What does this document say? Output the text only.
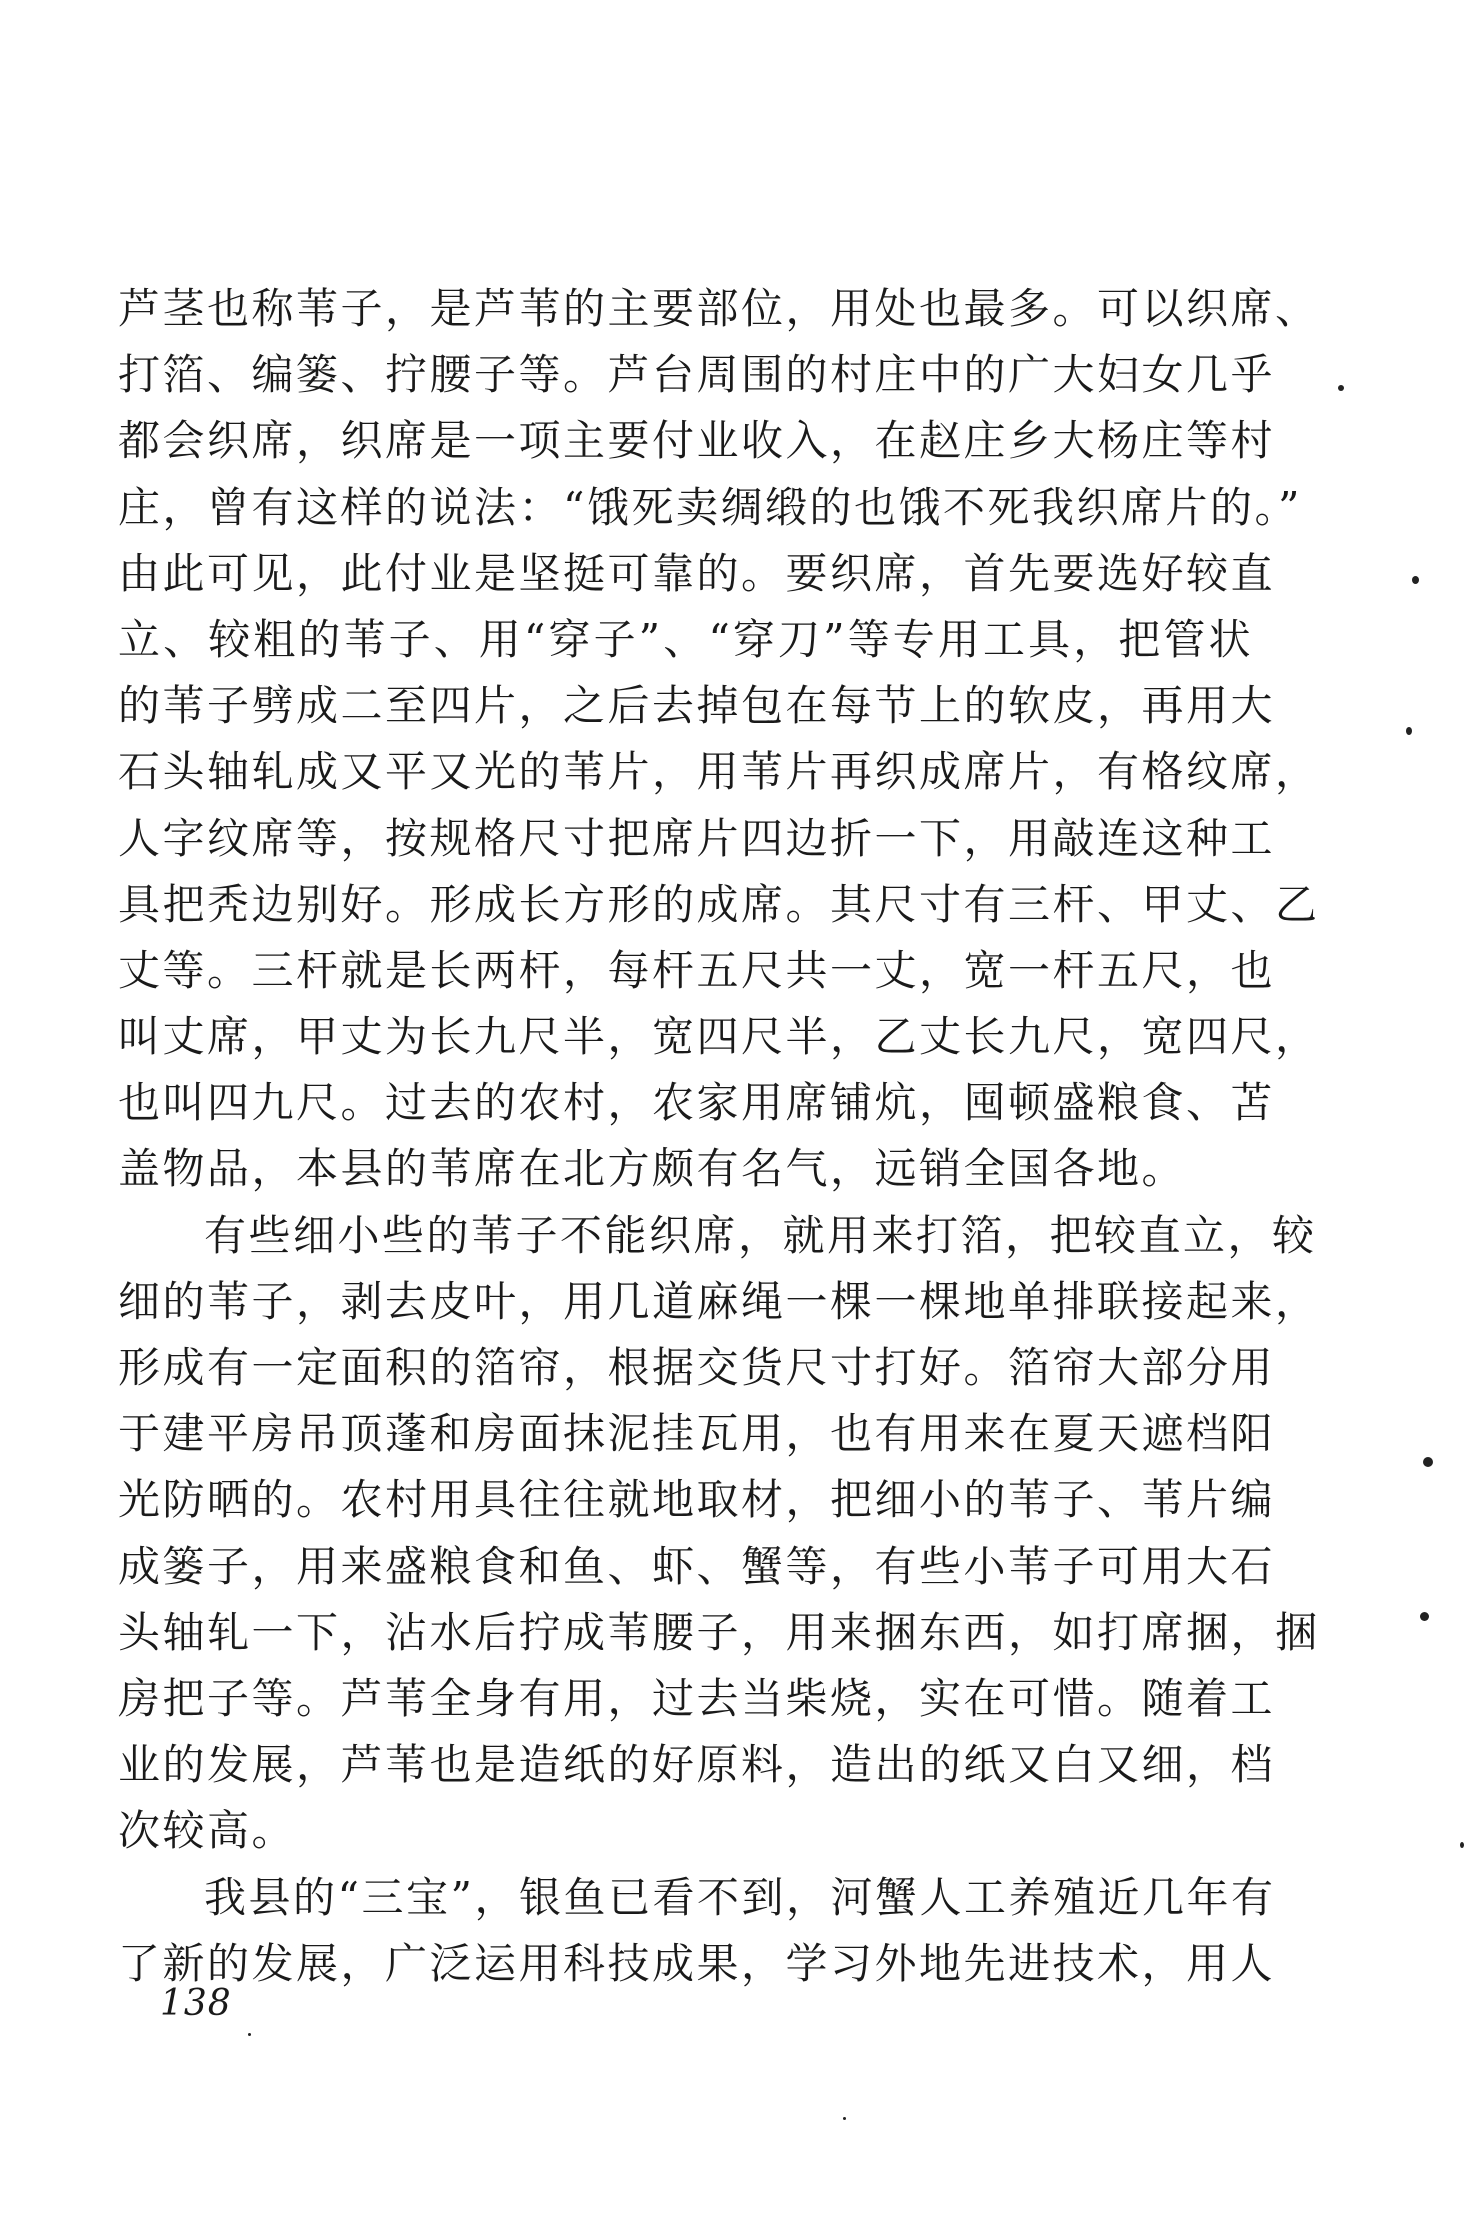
芦茎也称苇子，是芦苇的主要部位，用处也最多。可以织席、
打箔、编篓、拧腰子等。芦台周围的村庄中的广大妇女几乎
都会织席，织席是一项主要付业收入，在赵庄乡大杨庄等村
庄，曾有这样的说法：“饿死卖绸缎的也饿不死我织席片的。”
由此可见，此付业是坚挺可靠的。要织席，首先要选好较直
立、较粗的苇子、用“穿子”、“穿刀”等专用工具，把管状
的苇子劈成二至四片，之后去掉包在每节上的软皮，再用大
石头轴轧成又平又光的苇片，用苇片再织成席片，有格纹席，
人字纹席等，按规格尺寸把席片四边折一下，用敲连这种工
具把秃边别好。形成长方形的成席。其尺寸有三杆、甲丈、乙
丈等。三杆就是长两杆，每杆五尺共一丈，宽一杆五尺，也
叫丈席，甲丈为长九尺半，宽四尺半，乙丈长九尺，宽四尺，
也叫四九尺。过去的农村，农家用席铺炕，囤顿盛粮食、苫
盖物品，本县的苇席在北方颇有名气，远销全国各地。
有些细小些的苇子不能织席，就用来打箔，把较直立，较
细的苇子，剥去皮叶，用几道麻绳一棵一棵地单排联接起来，
形成有一定面积的箔帘，根据交货尺寸打好。箔帘大部分用
于建平房吊顶蓬和房面抹泥挂瓦用，也有用来在夏天遮档阳
光防晒的。农村用具往往就地取材，把细小的苇子、苇片编
成篓子，用来盛粮食和鱼、虾、蟹等，有些小苇子可用大石
头轴轧一下，沾水后拧成苇腰子，用来捆东西，如打席捆，捆
房把子等。芦苇全身有用，过去当柴烧，实在可惜。随着工
业的发展，芦苇也是造纸的好原料，造出的纸又白又细，档
次较高。
我县的“三宝”，银鱼已看不到，河蟹人工养殖近几年有
了新的发展，广泛运用科技成果，学习外地先进技术，用人
138
